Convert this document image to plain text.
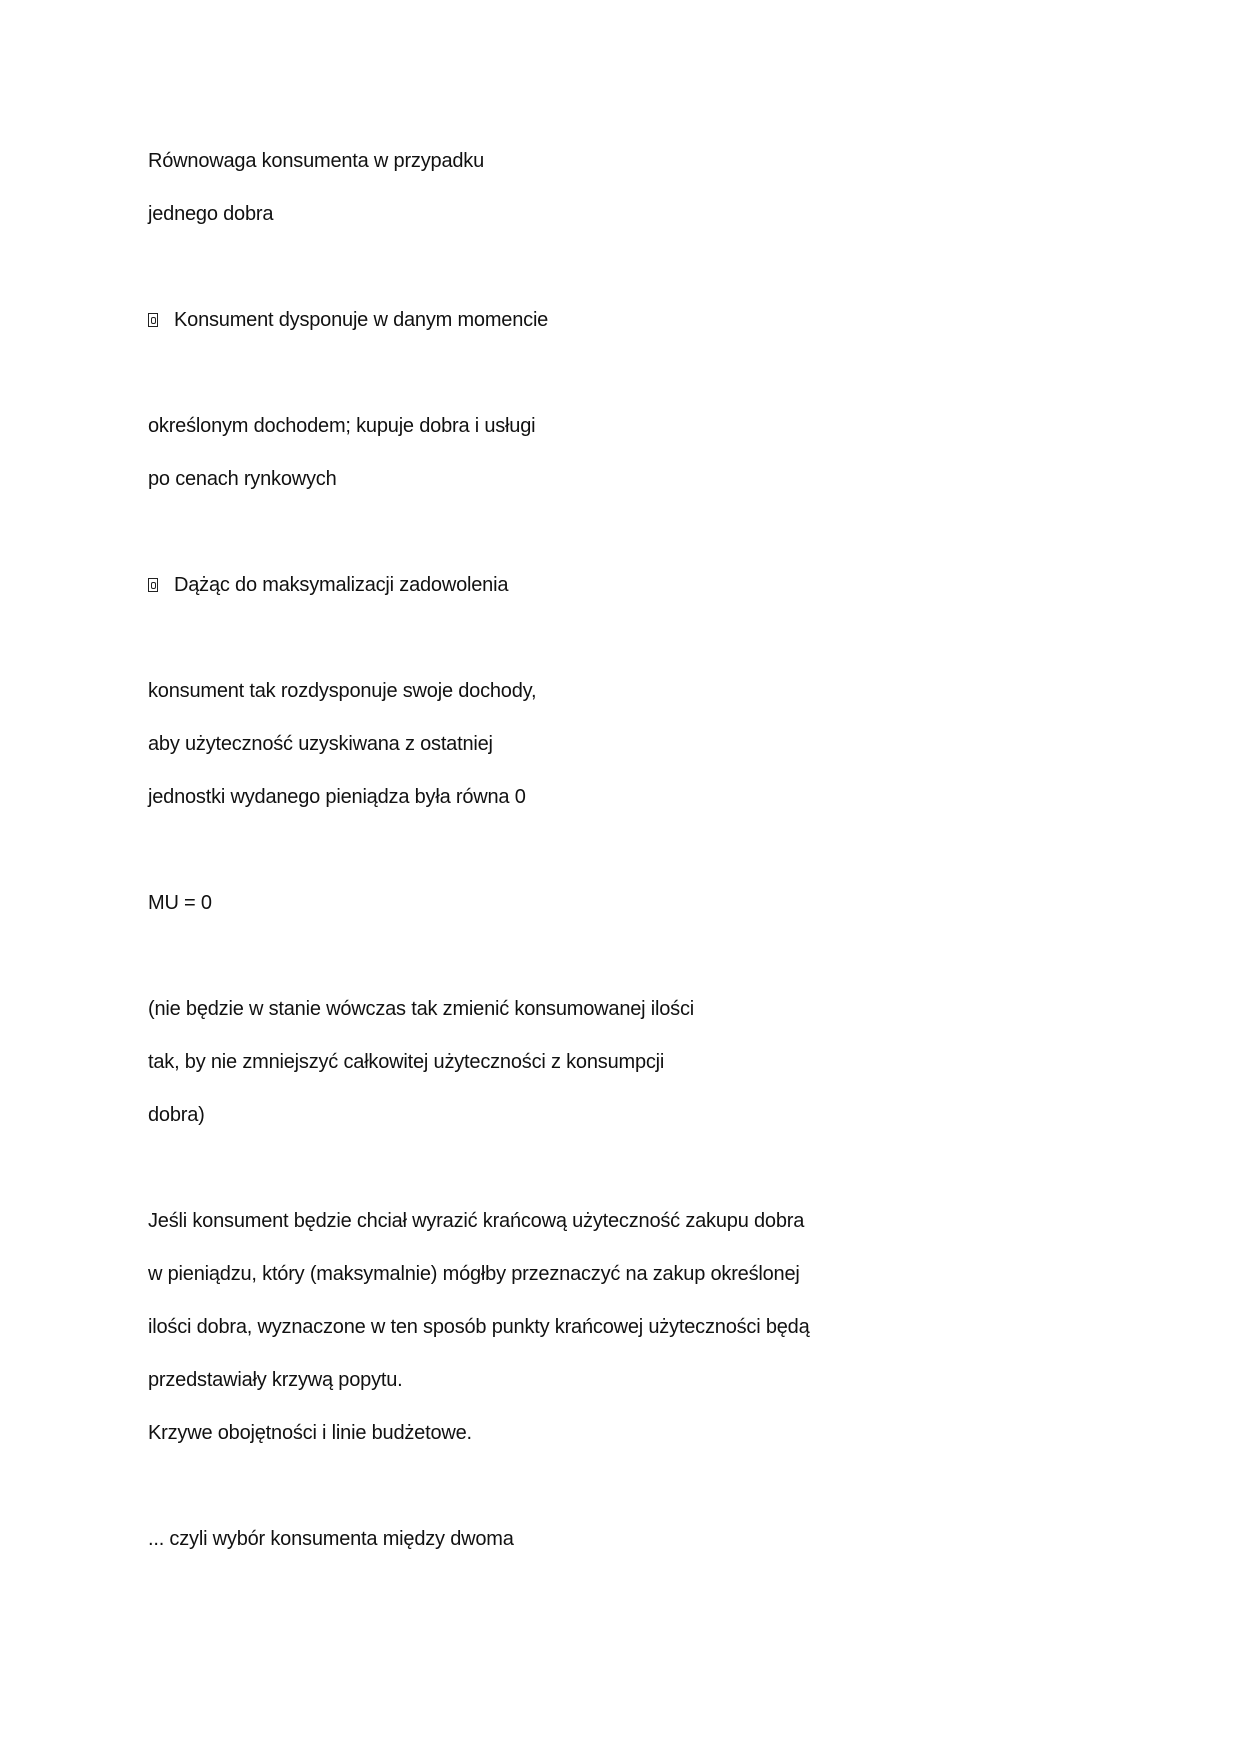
Równowaga konsumenta w przypadku
jednego dobra
Konsument dysponuje w danym momencie
określonym dochodem; kupuje dobra i usługi
po cenach rynkowych
Dążąc do maksymalizacji zadowolenia
konsument tak rozdysponuje swoje dochody,
aby użyteczność uzyskiwana z ostatniej
jednostki wydanego pieniądza była równa 0
MU = 0
(nie będzie w stanie wówczas tak zmienić konsumowanej ilości
tak, by nie zmniejszyć całkowitej użyteczności z konsumpcji
dobra)
Jeśli konsument będzie chciał wyrazić krańcową użyteczność zakupu dobra
w pieniądzu, który (maksymalnie) mógłby przeznaczyć na zakup określonej
ilości dobra, wyznaczone w ten sposób punkty krańcowej użyteczności będą
przedstawiały krzywą popytu.
Krzywe obojętności i linie budżetowe.
... czyli wybór konsumenta między dwoma
